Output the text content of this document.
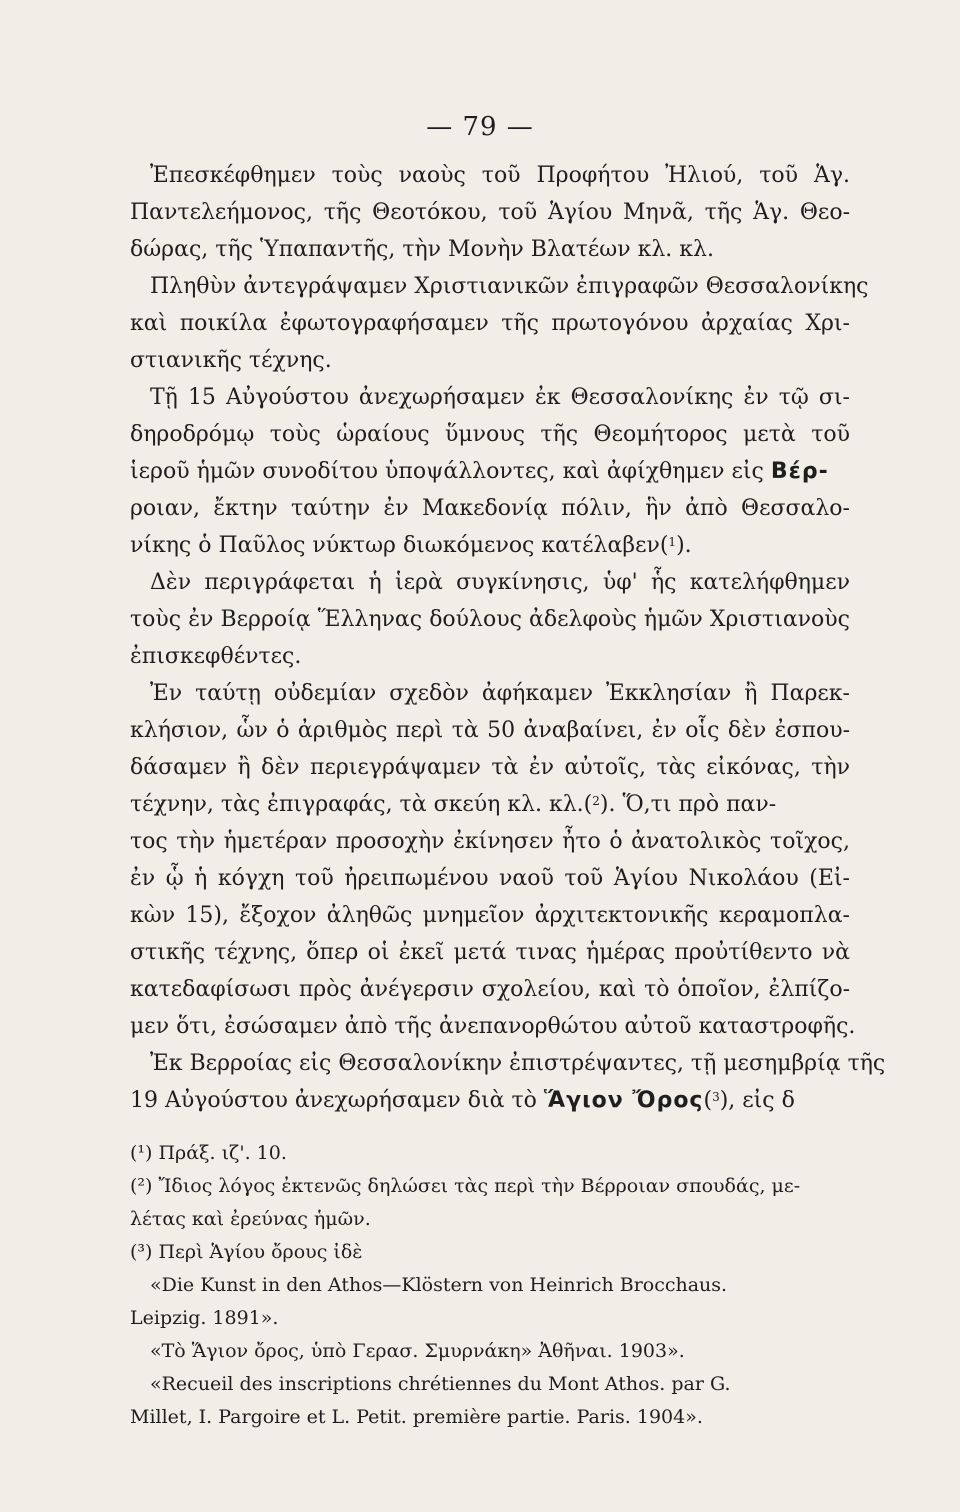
— 79 —
Ἐπεσκέφθημεν τοὺς ναοὺς τοῦ Προφήτου Ἠλιού, τοῦ Ἁγ.
Παντελεήμονος, τῆς Θεοτόκου, τοῦ Ἁγίου Μηνᾶ, τῆς Ἁγ. Θεο-
δώρας, τῆς Ὑπαπαντῆς, τὴν Μονὴν Βλατέων κλ. κλ.
Πληθὺν ἀντεγράψαμεν Χριστιανικῶν ἐπιγραφῶν Θεσσαλονίκης
καὶ ποικίλα ἐφωτογραφήσαμεν τῆς πρωτογόνου ἀρχαίας Χρι-
στιανικῆς τέχνης.
Τῇ 15 Αὐγούστου ἀνεχωρήσαμεν ἐκ Θεσσαλονίκης ἐν τῷ σι-
δηροδρόμῳ τοὺς ὡραίους ὕμνους τῆς Θεομήτορος μετὰ τοῦ
ἱεροῦ ἡμῶν συνοδίτου ὑποψάλλοντες, καὶ ἀφίχθημεν εἰς Βέρ-
ροιαν, ἔκτην ταύτην ἐν Μακεδονίᾳ πόλιν, ἣν ἀπὸ Θεσσαλο-
νίκης ὁ Παῦλος νύκτωρ διωκόμενος κατέλαβεν($^1$).
Δὲν περιγράφεται ἡ ἱερὰ συγκίνησις, ὑφ' ἧς κατελήφθημεν
τοὺς ἐν Βερροίᾳ Ἕλληνας δούλους ἀδελφοὺς ἡμῶν Χριστιανοὺς
ἐπισκεφθέντες.
Ἐν ταύτῃ οὐδεμίαν σχεδὸν ἀφήκαμεν Ἐκκλησίαν ἢ Παρεκ-
κλήσιον, ὧν ὁ ἀριθμὸς περὶ τὰ 50 ἀναβαίνει, ἐν οἷς δὲν ἐσπου-
δάσαμεν ἢ δὲν περιεγράψαμεν τὰ ἐν αὐτοῖς, τὰς εἰκόνας, τὴν
τέχνην, τὰς ἐπιγραφάς, τὰ σκεύη κλ. κλ.($^2$). Ὅ,τι πρὸ παν-
τος τὴν ἡμετέραν προσοχὴν ἐκίνησεν ἦτο ὁ ἀνατολικὸς τοῖχος,
ἐν ᾧ ἡ κόγχη τοῦ ἠρειπωμένου ναοῦ τοῦ Ἁγίου Νικολάου (Εἰ-
κὼν 15), ἔξοχον ἀληθῶς μνημεῖον ἀρχιτεκτονικῆς κεραμοπλα-
στικῆς τέχνης, ὅπερ οἱ ἐκεῖ μετά τινας ἡμέρας προὐτίθεντο νὰ
κατεδαφίσωσι πρὸς ἀνέγερσιν σχολείου, καὶ τὸ ὁποῖον, ἐλπίζο-
μεν ὅτι, ἐσώσαμεν ἀπὸ τῆς ἀνεπανορθώτου αὐτοῦ καταστροφῆς.
Ἐκ Βερροίας εἰς Θεσσαλονίκην ἐπιστρέψαντες, τῇ μεσημβρίᾳ τῆς
19 Αὐγούστου ἀνεχωρήσαμεν διὰ τὸ Ἅγιον Ὄρος($^3$), εἰς δ
(¹) Πράξ. ιζ'. 10.
(²) Ἴδιος λόγος ἐκτενῶς δηλώσει τὰς περὶ τὴν Βέρροιαν σπουδάς, με-
λέτας καὶ ἐρεύνας ἡμῶν.
(³) Περὶ Ἁγίου ὄρους ἰδὲ
«Die Kunst in den Athos—Klöstern von Heinrich Brocchaus.
Leipzig. 1891».
«Τὸ Ἅγιον ὄρος, ὑπὸ Γερασ. Σμυρνάκη» Ἀθῆναι. 1903».
«Recueil des inscriptions chrétiennes du Mont Athos. par G.
Millet, I. Pargoire et L. Petit. première partie. Paris. 1904».
